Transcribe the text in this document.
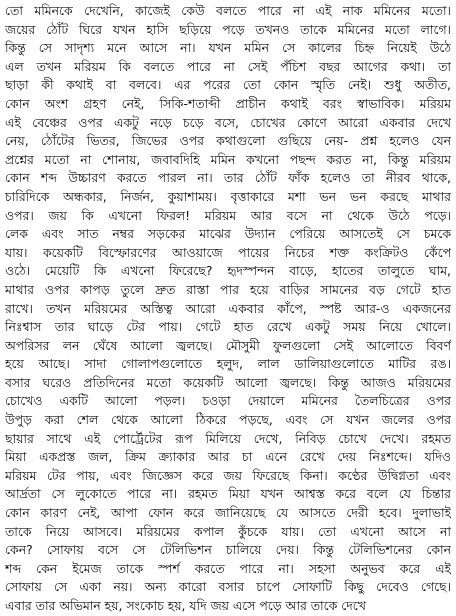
তো মমিনকে দেখেনি, কাজেই কেউ বলতে পারে না এই নাক মমিনের মতো।
জয়ের ঠোঁট ঘিরে যখন হাসি ছড়িয়ে পড়ে তখনও তাকে মমিনের মতো লাগে।
কিন্তু সে সাদৃশ্য মনে আসে না। যখন মমিন সে কালের চিহ্ন নিয়েই উঠে
এল তখন মরিয়ম কি বলতে পারে না সেই পঁচিশ বছর আগের কথা। তা
ছাড়া কী কথাই বা বলবে। এর পরের তো কোন স্মৃতি নেই। শুধু অতীত,
কোন অংশ গ্রহণ নেই, সিকি-শতাব্দী প্রাচীন কথাই বরং স্বাভাবিক। মরিয়ম
এই বেঞ্চের ওপর একটু নড়ে চড়ে বসে, চোখের কোণে আরো একবার দেখে
নেয়, ঠোঁটের ভিতর, জিভের ওপর কথাগুলো গুছিয়ে নেয়- প্রশ্ন হলেও যেন
প্রশ্নের মতো না শোনায়, জবাবদিহি মমিন কখনো পছন্দ করত না, কিন্তু মরিয়ম
কোন শব্দ উচ্চারণ করতে পারল না। তার ঠোঁট ফাঁক হলেও তা নীরব থাকে,
চারিদিকে অন্ধকার, নির্জন, কুয়াশাময়। বৃত্তাকারে মশা ভন ভন করছে মাথার
ওপর। জয় কি এখনো ফিরল! মরিয়ম আর বসে না থেকে উঠে পড়ে।
লেক এবং সাত নম্বর সড়কের মাঝের উদ্যান পেরিয়ে আসতেই সে চমকে
যায়। কয়েকটি বিস্ফোরণের আওয়াজে পায়ের নিচের শক্ত কংক্রিটও কেঁপে
ওঠে। মেয়েটি কি এখনো ফিরেছে? হৃদস্পন্দন বাড়ে, হাতের তালুতে ঘাম,
মাথার ওপর কাপড় তুলে দ্রুত রাস্তা পার হয়ে বাড়ির সামনের বড় গেটে হাত
রাখে। তখন মরিয়মের অস্তিত্ব আরো একবার কাঁপে, স্পষ্ট আর-ও একজনের
নিঃশ্বাস তার ঘাড়ে টের পায়। গেটে হাত রেখে একটু সময় নিয়ে খোলে।
অপরিসর লন ঘেঁষে আলো জ্বলছে। মৌসুমী ফুলগুলো সেই আলোতে বিবর্ণ
হয়ে আছে। সাদা গোলাপগুলোতে হলুদ, লাল ডালিয়াগুলোতে মাটির রঙ।
বসার ঘরেও প্রতিদিনের মতো কয়েকটি আলো জ্বলছে। কিন্তু আজও মরিয়মের
চোখেও একটি আলো পড়ল। চওড়া দেয়ালে মমিনের তৈলচিত্রের ওপর
উপুড় করা শেল থেকে আলো ঠিকরে পড়ছে, এবং সে যখন জলের ওপর
ছায়ার সাথে এই পোর্ট্রেটের রূপ মিলিয়ে দেখে, নিবিড় চোখে দেখে। রহমত
মিয়া একপ্রস্ত জল, ক্রিম ক্র্যাকার আর চা এনে রেখে দেয় নিঃশব্দে। যদিও
মরিয়ম টের পায়, এবং জিজ্ঞেস করে জয় ফিরেছে কিনা। কণ্ঠের উদ্বিগ্নতা এবং
আর্দ্রতা সে লুকোতে পারে না। রহমত মিয়া যখন আশ্বস্ত করে বলে যে চিন্তার
কোন কারণ নেই, আপা ফোন করে জানিয়েছে যে আসতে দেরী হবে। দুলাভাই
তাকে নিয়ে আসবে। মরিয়মের কপাল কুঁচকে যায়। তো এখনো আসে না
কেন? সোফায় বসে সে টেলিভিশন চালিয়ে দেয়। কিন্তু টেলিভিশনের কোন
শব্দ কেন ইমেজ তাকে স্পর্শ করতে পারে না। সহসা অনুভব করে এই
সোফায় সে একা নয়। অন্য কারো বসার চাপে সোফাটি কিছু দেবেও গেছে।
এবার তার অভিমান হয়, সংকোচ হয়, যদি জয় এসে পড়ে আর তাকে দেখে
